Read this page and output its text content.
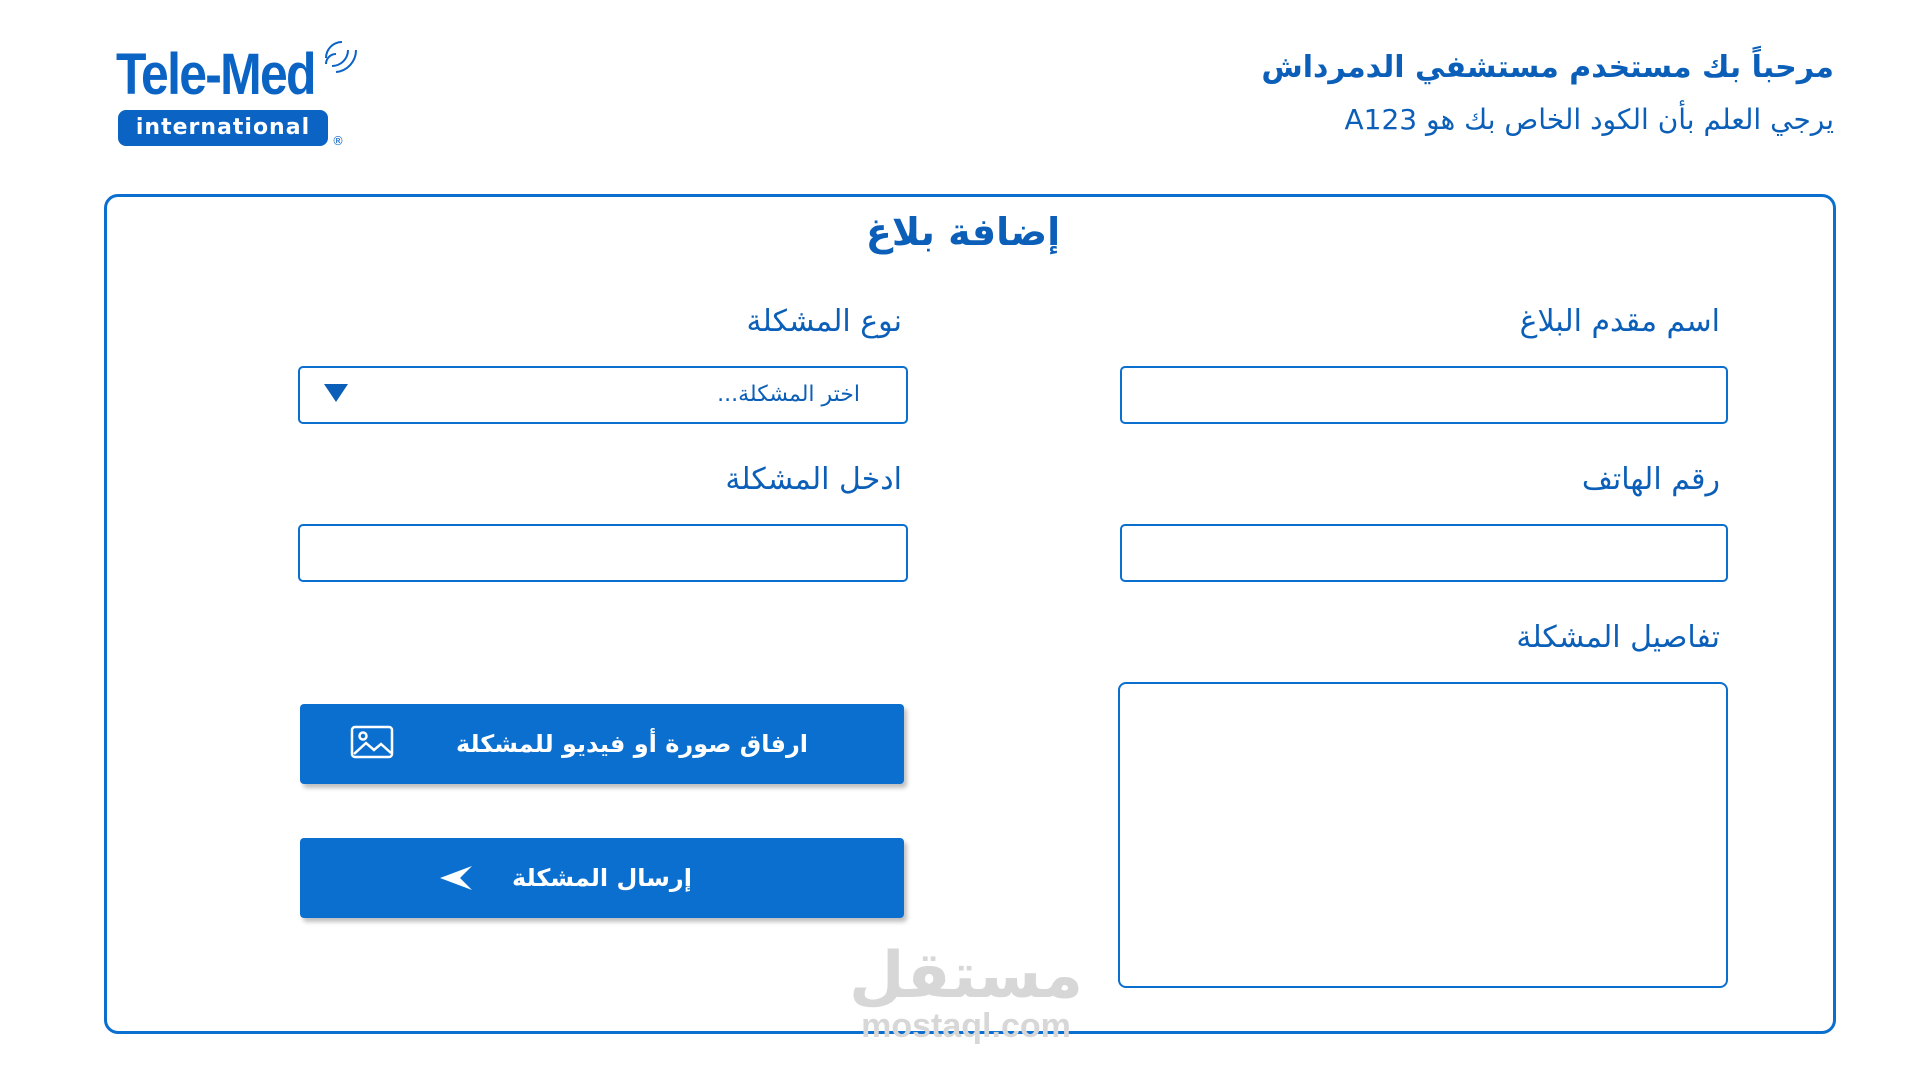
Tele-Med
international
®
مرحباً بك مستخدم مستشفي الدمرداش
يرجي العلم بأن الكود الخاص بك هو A123
إضافة بلاغ
اسم مقدم البلاغ
رقم الهاتف
تفاصيل المشكلة
نوع المشكلة
اختر المشكلة...
ادخل المشكلة
ارفاق صورة أو فيديو للمشكلة
إرسال المشكلة
مستقل
mostaql.com
